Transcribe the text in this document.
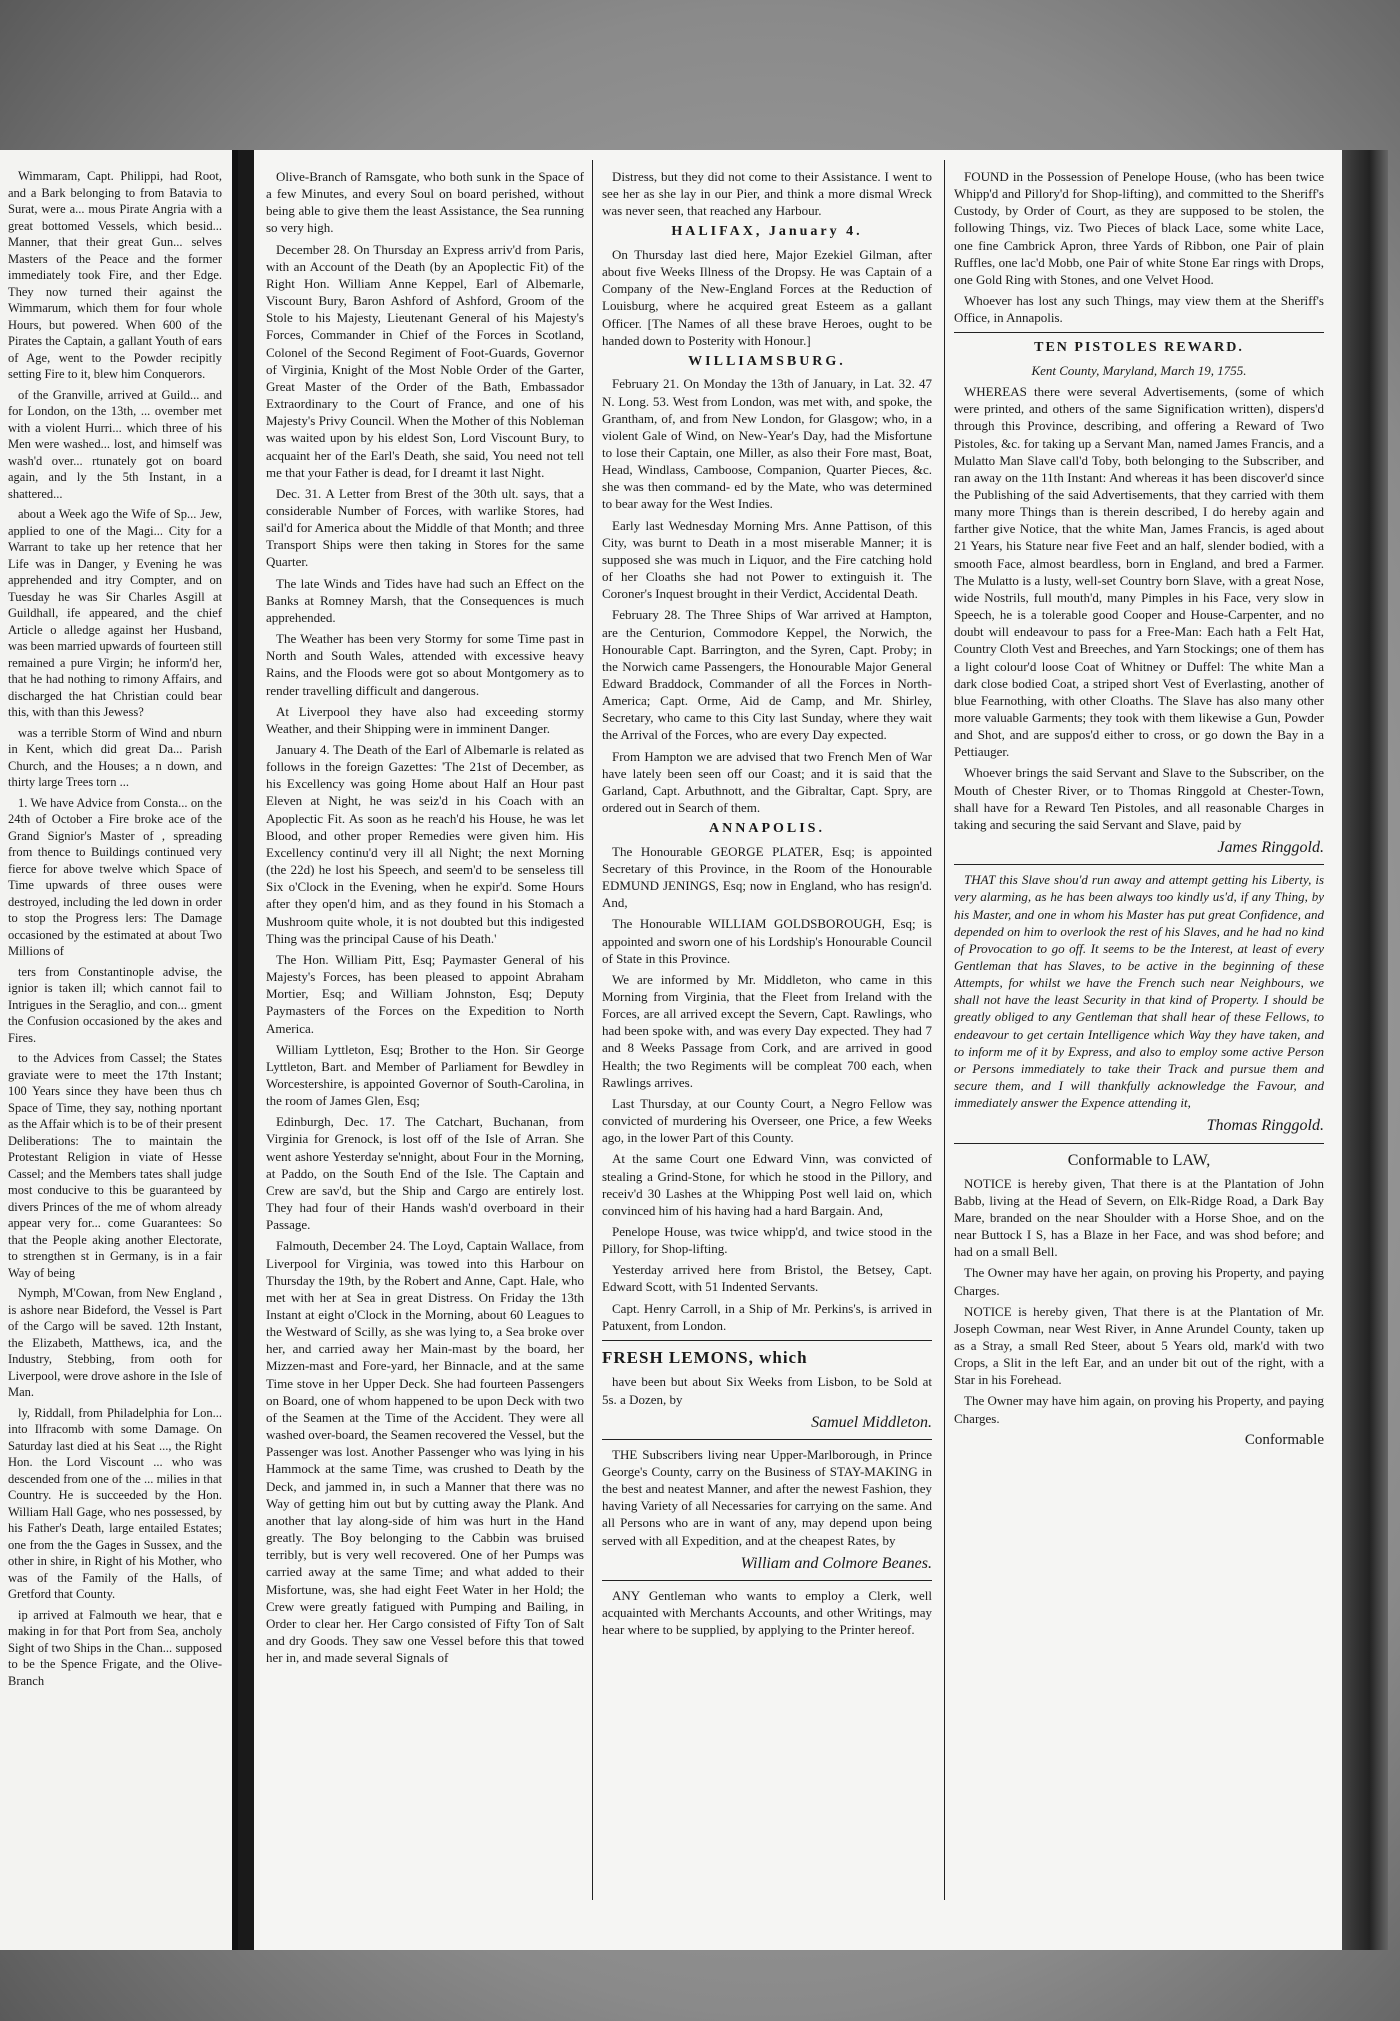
Wimmaram, Capt. Philippi, had Root, and a Bark belonging to from Batavia to Surat, were a... mous Pirate Angria with a great bottomed Vessels, which besid... Manner, that their great Gun... selves Masters of the Peace and the former immediately took Fire, and ther Edge. They now turned their against the Wimmarum, which them for four whole Hours, but powered. When 600 of the Pirates the Captain, a gallant Youth of ears of Age, went to the Powder recipitly setting Fire to it, blew him Conquerors.

of the Granville, arrived at Guild... and for London, on the 13th, ... ovember met with a violent Hurri... which three of his Men were washed... lost, and himself was wash'd over... rtunately got on board again, and ly the 5th Instant, in a shattered...

about a Week ago the Wife of Sp... Jew, applied to one of the Magi... City for a Warrant to take up her retence that her Life was in Danger, y Evening he was apprehended and itry Compter, and on Tuesday he was Sir Charles Asgill at Guildhall, ife appeared, and the chief Article o alledge against her Husband, was been married upwards of fourteen still remained a pure Virgin; he inform'd her, that he had nothing to rimony Affairs, and discharged the hat Christian could bear this, with than this Jewess?

was a terrible Storm of Wind and nburn in Kent, which did great Da... Parish Church, and the Houses; a n down, and thirty large Trees torn ...

1. We have Advice from Consta... on the 24th of October a Fire broke ace of the Grand Signior's Master of , spreading from thence to Buildings continued very fierce for above twelve which Space of Time upwards of three ouses were destroyed, including the led down in order to stop the Progress lers: The Damage occasioned by the estimated at about Two Millions of

ters from Constantinople advise, the ignior is taken ill; which cannot fail to Intrigues in the Seraglio, and con... gment the Confusion occasioned by the akes and Fires.

to the Advices from Cassel; the States graviate were to meet the 17th Instant; 100 Years since they have been thus ch Space of Time, they say, nothing nportant as the Affair which is to be of their present Deliberations: The to maintain the Protestant Religion in viate of Hesse Cassel; and the Members tates shall judge most conducive to this be guaranteed by divers Princes of the me of whom already appear very for... come Guarantees: So that the People aking another Electorate, to strengthen st in Germany, is in a fair Way of being

Nymph, M'Cowan, from New England , is ashore near Bideford, the Vessel is Part of the Cargo will be saved. 12th Instant, the Elizabeth, Matthews, ica, and the Industry, Stebbing, from ooth for Liverpool, were drove ashore in the Isle of Man.

ly, Riddall, from Philadelphia for Lon... into Ilfracomb with some Damage. On Saturday last died at his Seat ..., the Right Hon. the Lord Viscount ... who was descended from one of the ... milies in that Country. He is succeeded by the Hon. William Hall Gage, who nes possessed, by his Father's Death, large entailed Estates; one from the the Gages in Sussex, and the other in shire, in Right of his Mother, who was of the Family of the Halls, of Gretford that County.

ip arrived at Falmouth we hear, that e making in for that Port from Sea, ancholy Sight of two Ships in the Chan... supposed to be the Spence Frigate, and the Olive-Branch

Olive-Branch of Ramsgate, who both sunk in the Space of a few Minutes, and every Soul on board perished, without being able to give them the least Assistance, the Sea running so very high.

December 28. On Thursday an Express arriv'd from Paris, with an Account of the Death (by an Apoplectic Fit) of the Right Hon. William Anne Keppel, Earl of Albemarle, Viscount Bury, Baron Ashford of Ashford, Groom of the Stole to his Majesty, Lieutenant General of his Majesty's Forces, Commander in Chief of the Forces in Scotland, Colonel of the Second Regiment of Foot-Guards, Governor of Virginia, Knight of the Most Noble Order of the Garter, Great Master of the Order of the Bath, Embassador Extraordinary to the Court of France, and one of his Majesty's Privy Council. When the Mother of this Nobleman was waited upon by his eldest Son, Lord Viscount Bury, to acquaint her of the Earl's Death, she said, You need not tell me that your Father is dead, for I dreamt it last Night.

Dec. 31. A Letter from Brest of the 30th ult. says, that a considerable Number of Forces, with warlike Stores, had sail'd for America about the Middle of that Month; and three Transport Ships were then taking in Stores for the same Quarter.

The late Winds and Tides have had such an Effect on the Banks at Romney Marsh, that the Consequences is much apprehended.

The Weather has been very Stormy for some Time past in North and South Wales, attended with excessive heavy Rains, and the Floods were got so about Montgomery as to render travelling difficult and dangerous.

At Liverpool they have also had exceeding stormy Weather, and their Shipping were in imminent Danger.

January 4. The Death of the Earl of Albemarle is related as follows in the foreign Gazettes: 'The 21st of December, as his Excellency was going Home about Half an Hour past Eleven at Night, he was seiz'd in his Coach with an Apoplectic Fit. As soon as he reach'd his House, he was let Blood, and other proper Remedies were given him. His Excellency continu'd very ill all Night; the next Morning (the 22d) he lost his Speech, and seem'd to be senseless till Six o'Clock in the Evening, when he expir'd. Some Hours after they open'd him, and as they found in his Stomach a Mushroom quite whole, it is not doubted but this indigested Thing was the principal Cause of his Death.'

The Hon. William Pitt, Esq; Paymaster General of his Majesty's Forces, has been pleased to appoint Abraham Mortier, Esq; and William Johnston, Esq; Deputy Paymasters of the Forces on the Expedition to North America.

William Lyttleton, Esq; Brother to the Hon. Sir George Lyttleton, Bart. and Member of Parliament for Bewdley in Worcestershire, is appointed Governor of South-Carolina, in the room of James Glen, Esq;

Edinburgh, Dec. 17. The Catchart, Buchanan, from Virginia for Grenock, is lost off of the Isle of Arran. She went ashore Yesterday se'nnight, about Four in the Morning, at Paddo, on the South End of the Isle. The Captain and Crew are sav'd, but the Ship and Cargo are entirely lost. They had four of their Hands wash'd overboard in their Passage.

Falmouth, December 24. The Loyd, Captain Wallace, from Liverpool for Virginia, was towed into this Harbour on Thursday the 19th, by the Robert and Anne, Capt. Hale, who met with her at Sea in great Distress. On Friday the 13th Instant at eight o'Clock in the Morning, about 60 Leagues to the Westward of Scilly, as she was lying to, a Sea broke over her, and carried away her Main-mast by the board, her Mizzen-mast and Fore-yard, her Binnacle, and at the same Time stove in her Upper Deck. She had fourteen Passengers on Board, one of whom happened to be upon Deck with two of the Seamen at the Time of the Accident. They were all washed over-board, the Seamen recovered the Vessel, but the Passenger was lost. Another Passenger who was lying in his Hammock at the same Time, was crushed to Death by the Deck, and jammed in, in such a Manner that there was no Way of getting him out but by cutting away the Plank. And another that lay along-side of him was hurt in the Hand greatly. The Boy belonging to the Cabbin was bruised terribly, but is very well recovered. One of her Pumps was carried away at the same Time; and what added to their Misfortune, was, she had eight Feet Water in her Hold; the Crew were greatly fatigued with Pumping and Bailing, in Order to clear her. Her Cargo consisted of Fifty Ton of Salt and dry Goods. They saw one Vessel before this that towed her in, and made several Signals of

Distress, but they did not come to their Assistance. I went to see her as she lay in our Pier, and think a more dismal Wreck was never seen, that reached any Harbour.

HALIFAX, January 4.

On Thursday last died here, Major Ezekiel Gilman, after about five Weeks Illness of the Dropsy. He was Captain of a Company of the New-England Forces at the Reduction of Louisburg, where he acquired great Esteem as a gallant Officer. [The Names of all these brave Heroes, ought to be handed down to Posterity with Honour.]

WILLIAMSBURG.

February 21. On Monday the 13th of January, in Lat. 32. 47 N. Long. 53. West from London, was met with, and spoke, the Grantham, of, and from New London, for Glasgow; who, in a violent Gale of Wind, on New-Year's Day, had the Misfortune to lose their Captain, one Miller, as also their Fore mast, Boat, Head, Windlass, Camboose, Companion, Quarter Pieces, &c. she was then command- ed by the Mate, who was determined to bear away for the West Indies.

Early last Wednesday Morning Mrs. Anne Pattison, of this City, was burnt to Death in a most miserable Manner; it is supposed she was much in Liquor, and the Fire catching hold of her Cloaths she had not Power to extinguish it. The Coroner's Inquest brought in their Verdict, Accidental Death.

February 28. The Three Ships of War arrived at Hampton, are the Centurion, Commodore Keppel, the Norwich, the Honourable Capt. Barrington, and the Syren, Capt. Proby; in the Norwich came Passengers, the Honourable Major General Edward Braddock, Commander of all the Forces in North-America; Capt. Orme, Aid de Camp, and Mr. Shirley, Secretary, who came to this City last Sunday, where they wait the Arrival of the Forces, who are every Day expected.

From Hampton we are advised that two French Men of War have lately been seen off our Coast; and it is said that the Garland, Capt. Arbuthnott, and the Gibraltar, Capt. Spry, are ordered out in Search of them.

ANNAPOLIS.

The Honourable GEORGE PLATER, Esq; is appointed Secretary of this Province, in the Room of the Honourable EDMUND JENINGS, Esq; now in England, who has resign'd. And,

The Honourable WILLIAM GOLDSBOROUGH, Esq; is appointed and sworn one of his Lordship's Honourable Council of State in this Province.

We are informed by Mr. Middleton, who came in this Morning from Virginia, that the Fleet from Ireland with the Forces, are all arrived except the Severn, Capt. Rawlings, who had been spoke with, and was every Day expected. They had 7 and 8 Weeks Passage from Cork, and are arrived in good Health; the two Regiments will be compleat 700 each, when Rawlings arrives.

Last Thursday, at our County Court, a Negro Fellow was convicted of murdering his Overseer, one Price, a few Weeks ago, in the lower Part of this County.

At the same Court one Edward Vinn, was convicted of stealing a Grind-Stone, for which he stood in the Pillory, and receiv'd 30 Lashes at the Whipping Post well laid on, which convinced him of his having had a hard Bargain. And,

Penelope House, was twice whipp'd, and twice stood in the Pillory, for Shop-lifting.

Yesterday arrived here from Bristol, the Betsey, Capt. Edward Scott, with 51 Indented Servants.

Capt. Henry Carroll, in a Ship of Mr. Perkins's, is arrived in Patuxent, from London.

FRESH LEMONS, which

have been but about Six Weeks from Lisbon, to be Sold at 5s. a Dozen, by

Samuel Middleton.

THE Subscribers living near Upper-Marlborough, in Prince George's County, carry on the Business of STAY-MAKING in the best and neatest Manner, and after the newest Fashion, they having Variety of all Necessaries for carrying on the same. And all Persons who are in want of any, may depend upon being served with all Expedition, and at the cheapest Rates, by

William and Colmore Beanes.

ANY Gentleman who wants to employ a Clerk, well acquainted with Merchants Accounts, and other Writings, may hear where to be supplied, by applying to the Printer hereof.

FOUND in the Possession of Penelope House, (who has been twice Whipp'd and Pillory'd for Shop-lifting), and committed to the Sheriff's Custody, by Order of Court, as they are supposed to be stolen, the following Things, viz. Two Pieces of black Lace, some white Lace, one fine Cambrick Apron, three Yards of Ribbon, one Pair of plain Ruffles, one lac'd Mobb, one Pair of white Stone Ear rings with Drops, one Gold Ring with Stones, and one Velvet Hood.

Whoever has lost any such Things, may view them at the Sheriff's Office, in Annapolis.

TEN PISTOLES REWARD.

Kent County, Maryland, March 19, 1755.

WHEREAS there were several Advertisements, (some of which were printed, and others of the same Signification written), dispers'd through this Province, describing, and offering a Reward of Two Pistoles, &c. for taking up a Servant Man, named James Francis, and a Mulatto Man Slave call'd Toby, both belonging to the Subscriber, and ran away on the 11th Instant: And whereas it has been discover'd since the Publishing of the said Advertisements, that they carried with them many more Things than is therein described, I do hereby again and farther give Notice, that the white Man, James Francis, is aged about 21 Years, his Stature near five Feet and an half, slender bodied, with a smooth Face, almost beardless, born in England, and bred a Farmer. The Mulatto is a lusty, well-set Country born Slave, with a great Nose, wide Nostrils, full mouth'd, many Pimples in his Face, very slow in Speech, he is a tolerable good Cooper and House-Carpenter, and no doubt will endeavour to pass for a Free-Man: Each hath a Felt Hat, Country Cloth Vest and Breeches, and Yarn Stockings; one of them has a light colour'd loose Coat of Whitney or Duffel: The white Man a dark close bodied Coat, a striped short Vest of Everlasting, another of blue Fearnothing, with other Cloaths. The Slave has also many other more valuable Garments; they took with them likewise a Gun, Powder and Shot, and are suppos'd either to cross, or go down the Bay in a Pettiauger.

Whoever brings the said Servant and Slave to the Subscriber, on the Mouth of Chester River, or to Thomas Ringgold at Chester-Town, shall have for a Reward Ten Pistoles, and all reasonable Charges in taking and securing the said Servant and Slave, paid by

James Ringgold.

THAT this Slave shou'd run away and attempt getting his Liberty, is very alarming, as he has been always too kindly us'd, if any Thing, by his Master, and one in whom his Master has put great Confidence, and depended on him to overlook the rest of his Slaves, and he had no kind of Provocation to go off. It seems to be the Interest, at least of every Gentleman that has Slaves, to be active in the beginning of these Attempts, for whilst we have the French such near Neighbours, we shall not have the least Security in that kind of Property. I should be greatly obliged to any Gentleman that shall hear of these Fellows, to endeavour to get certain Intelligence which Way they have taken, and to inform me of it by Express, and also to employ some active Person or Persons immediately to take their Track and pursue them and secure them, and I will thankfully acknowledge the Favour, and immediately answer the Expence attending it,

Thomas Ringgold.

Conformable to LAW,

NOTICE is hereby given, That there is at the Plantation of John Babb, living at the Head of Severn, on Elk-Ridge Road, a Dark Bay Mare, branded on the near Shoulder with a Horse Shoe, and on the near Buttock I S, has a Blaze in her Face, and was shod before; and had on a small Bell.

The Owner may have her again, on proving his Property, and paying Charges.

NOTICE is hereby given, That there is at the Plantation of Mr. Joseph Cowman, near West River, in Anne Arundel County, taken up as a Stray, a small Red Steer, about 5 Years old, mark'd with two Crops, a Slit in the left Ear, and an under bit out of the right, with a Star in his Forehead.

The Owner may have him again, on proving his Property, and paying Charges.

Conformable
